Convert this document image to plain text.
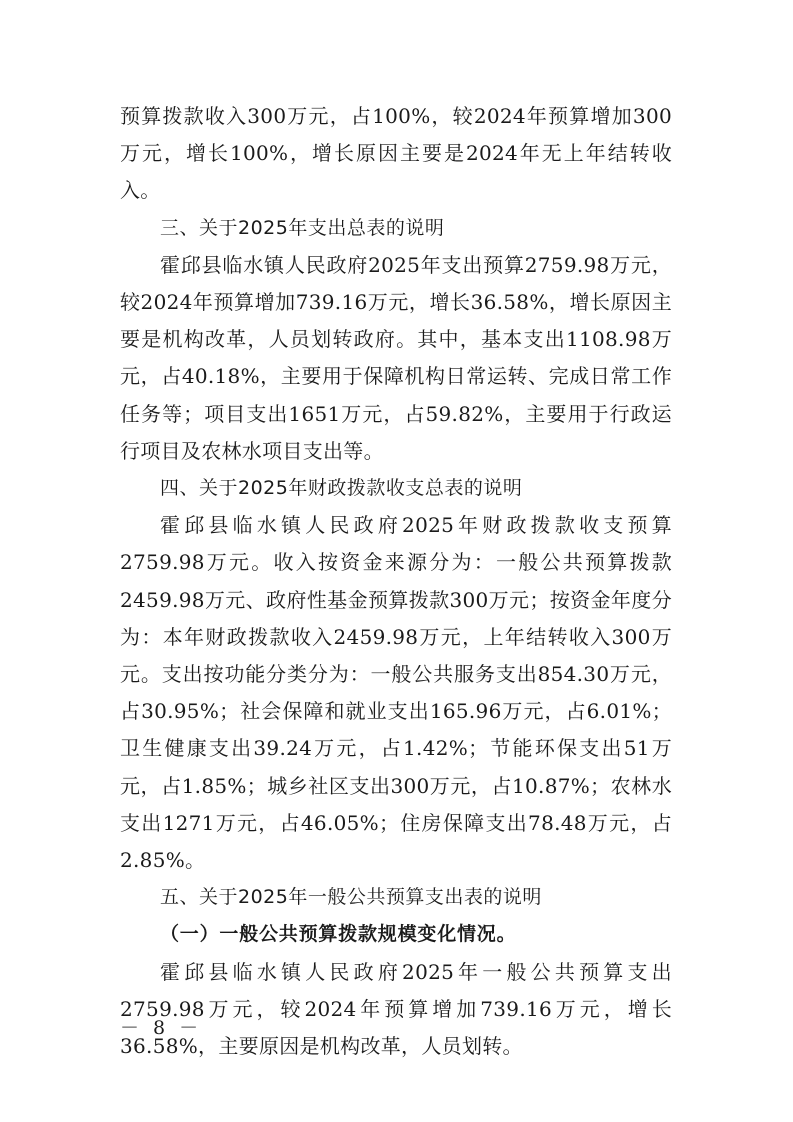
预算拨款收入300万元，占100%，较2024年预算增加300万元，增长100%，增长原因主要是2024年无上年结转收入。

三、关于2025年支出总表的说明

霍邱县临水镇人民政府2025年支出预算2759.98万元，较2024年预算增加739.16万元，增长36.58%，增长原因主要是机构改革，人员划转政府。其中，基本支出1108.98万元，占40.18%，主要用于保障机构日常运转、完成日常工作任务等；项目支出1651万元，占59.82%，主要用于行政运行项目及农林水项目支出等。

四、关于2025年财政拨款收支总表的说明

霍邱县临水镇人民政府2025年财政拨款收支预算2759.98万元。收入按资金来源分为：一般公共预算拨款2459.98万元、政府性基金预算拨款300万元；按资金年度分为：本年财政拨款收入2459.98万元，上年结转收入300万元。支出按功能分类分为：一般公共服务支出854.30万元，占30.95%；社会保障和就业支出165.96万元，占6.01%；卫生健康支出39.24万元，占1.42%；节能环保支出51万元，占1.85%；城乡社区支出300万元，占10.87%；农林水支出1271万元，占46.05%；住房保障支出78.48万元，占2.85%。

五、关于2025年一般公共预算支出表的说明

（一）一般公共预算拨款规模变化情况。

霍邱县临水镇人民政府2025年一般公共预算支出2759.98万元，较2024年预算增加739.16万元，增长36.58%，主要原因是机构改革，人员划转。

－ 8 －
